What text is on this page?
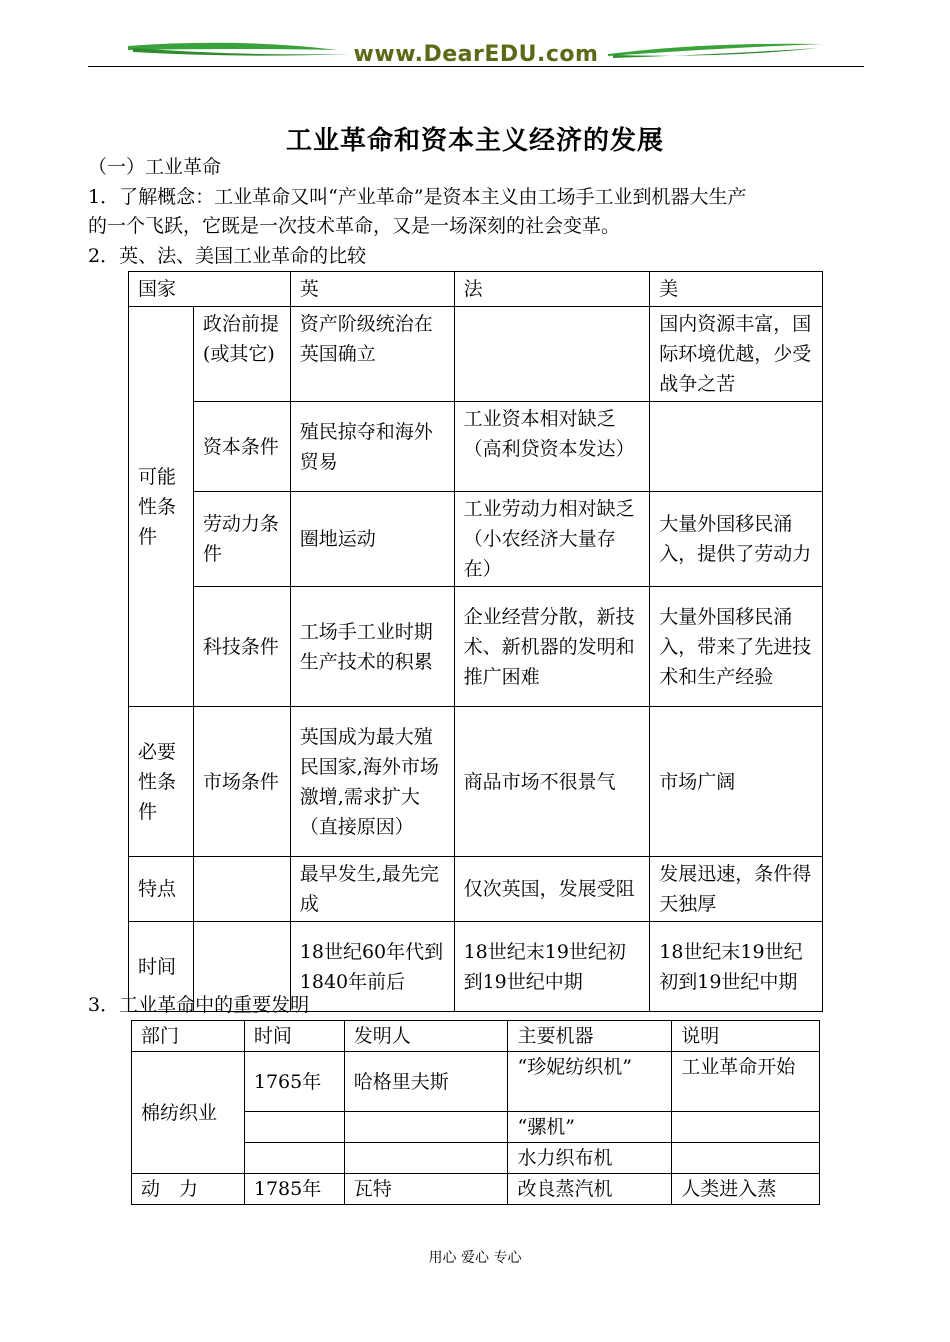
www.DearEDU.com
工业革命和资本主义经济的发展
（一）工业革命
1．了解概念：工业革命又叫“产业革命”是资本主义由工场手工业到机器大生产
的一个飞跃，它既是一次技术革命，又是一场深刻的社会变革。
2．英、法、美国工业革命的比较
国家		英	法	美
可能性条件	政治前提(或其它)	资产阶级统治在英国确立		国内资源丰富，国际环境优越，少受战争之苦
	资本条件	殖民掠夺和海外贸易	工业资本相对缺乏（高利贷资本发达）	
	劳动力条件	圈地运动	工业劳动力相对缺乏（小农经济大量存在）	大量外国移民涌入，提供了劳动力
	科技条件	工场手工业时期生产技术的积累	企业经营分散，新技术、新机器的发明和推广困难	大量外国移民涌入，带来了先进技术和生产经验
必要性条件	市场条件	英国成为最大殖民国家,海外市场激增,需求扩大（直接原因）	商品市场不很景气	市场广阔
特点		最早发生,最先完成	仅次英国，发展受阻	发展迅速，条件得天独厚
时间		18世纪60年代到1840年前后	18世纪末19世纪初到19世纪中期	18世纪末19世纪初到19世纪中期
3．工业革命中的重要发明
部门	时间	发明人	主要机器	说明
棉纺织业	1765年	哈格里夫斯	“珍妮纺织机”	工业革命开始
			“骡机”	
			水力织布机	
动　力	1785年	瓦特	改良蒸汽机	人类进入蒸
用心 爱心 专心
